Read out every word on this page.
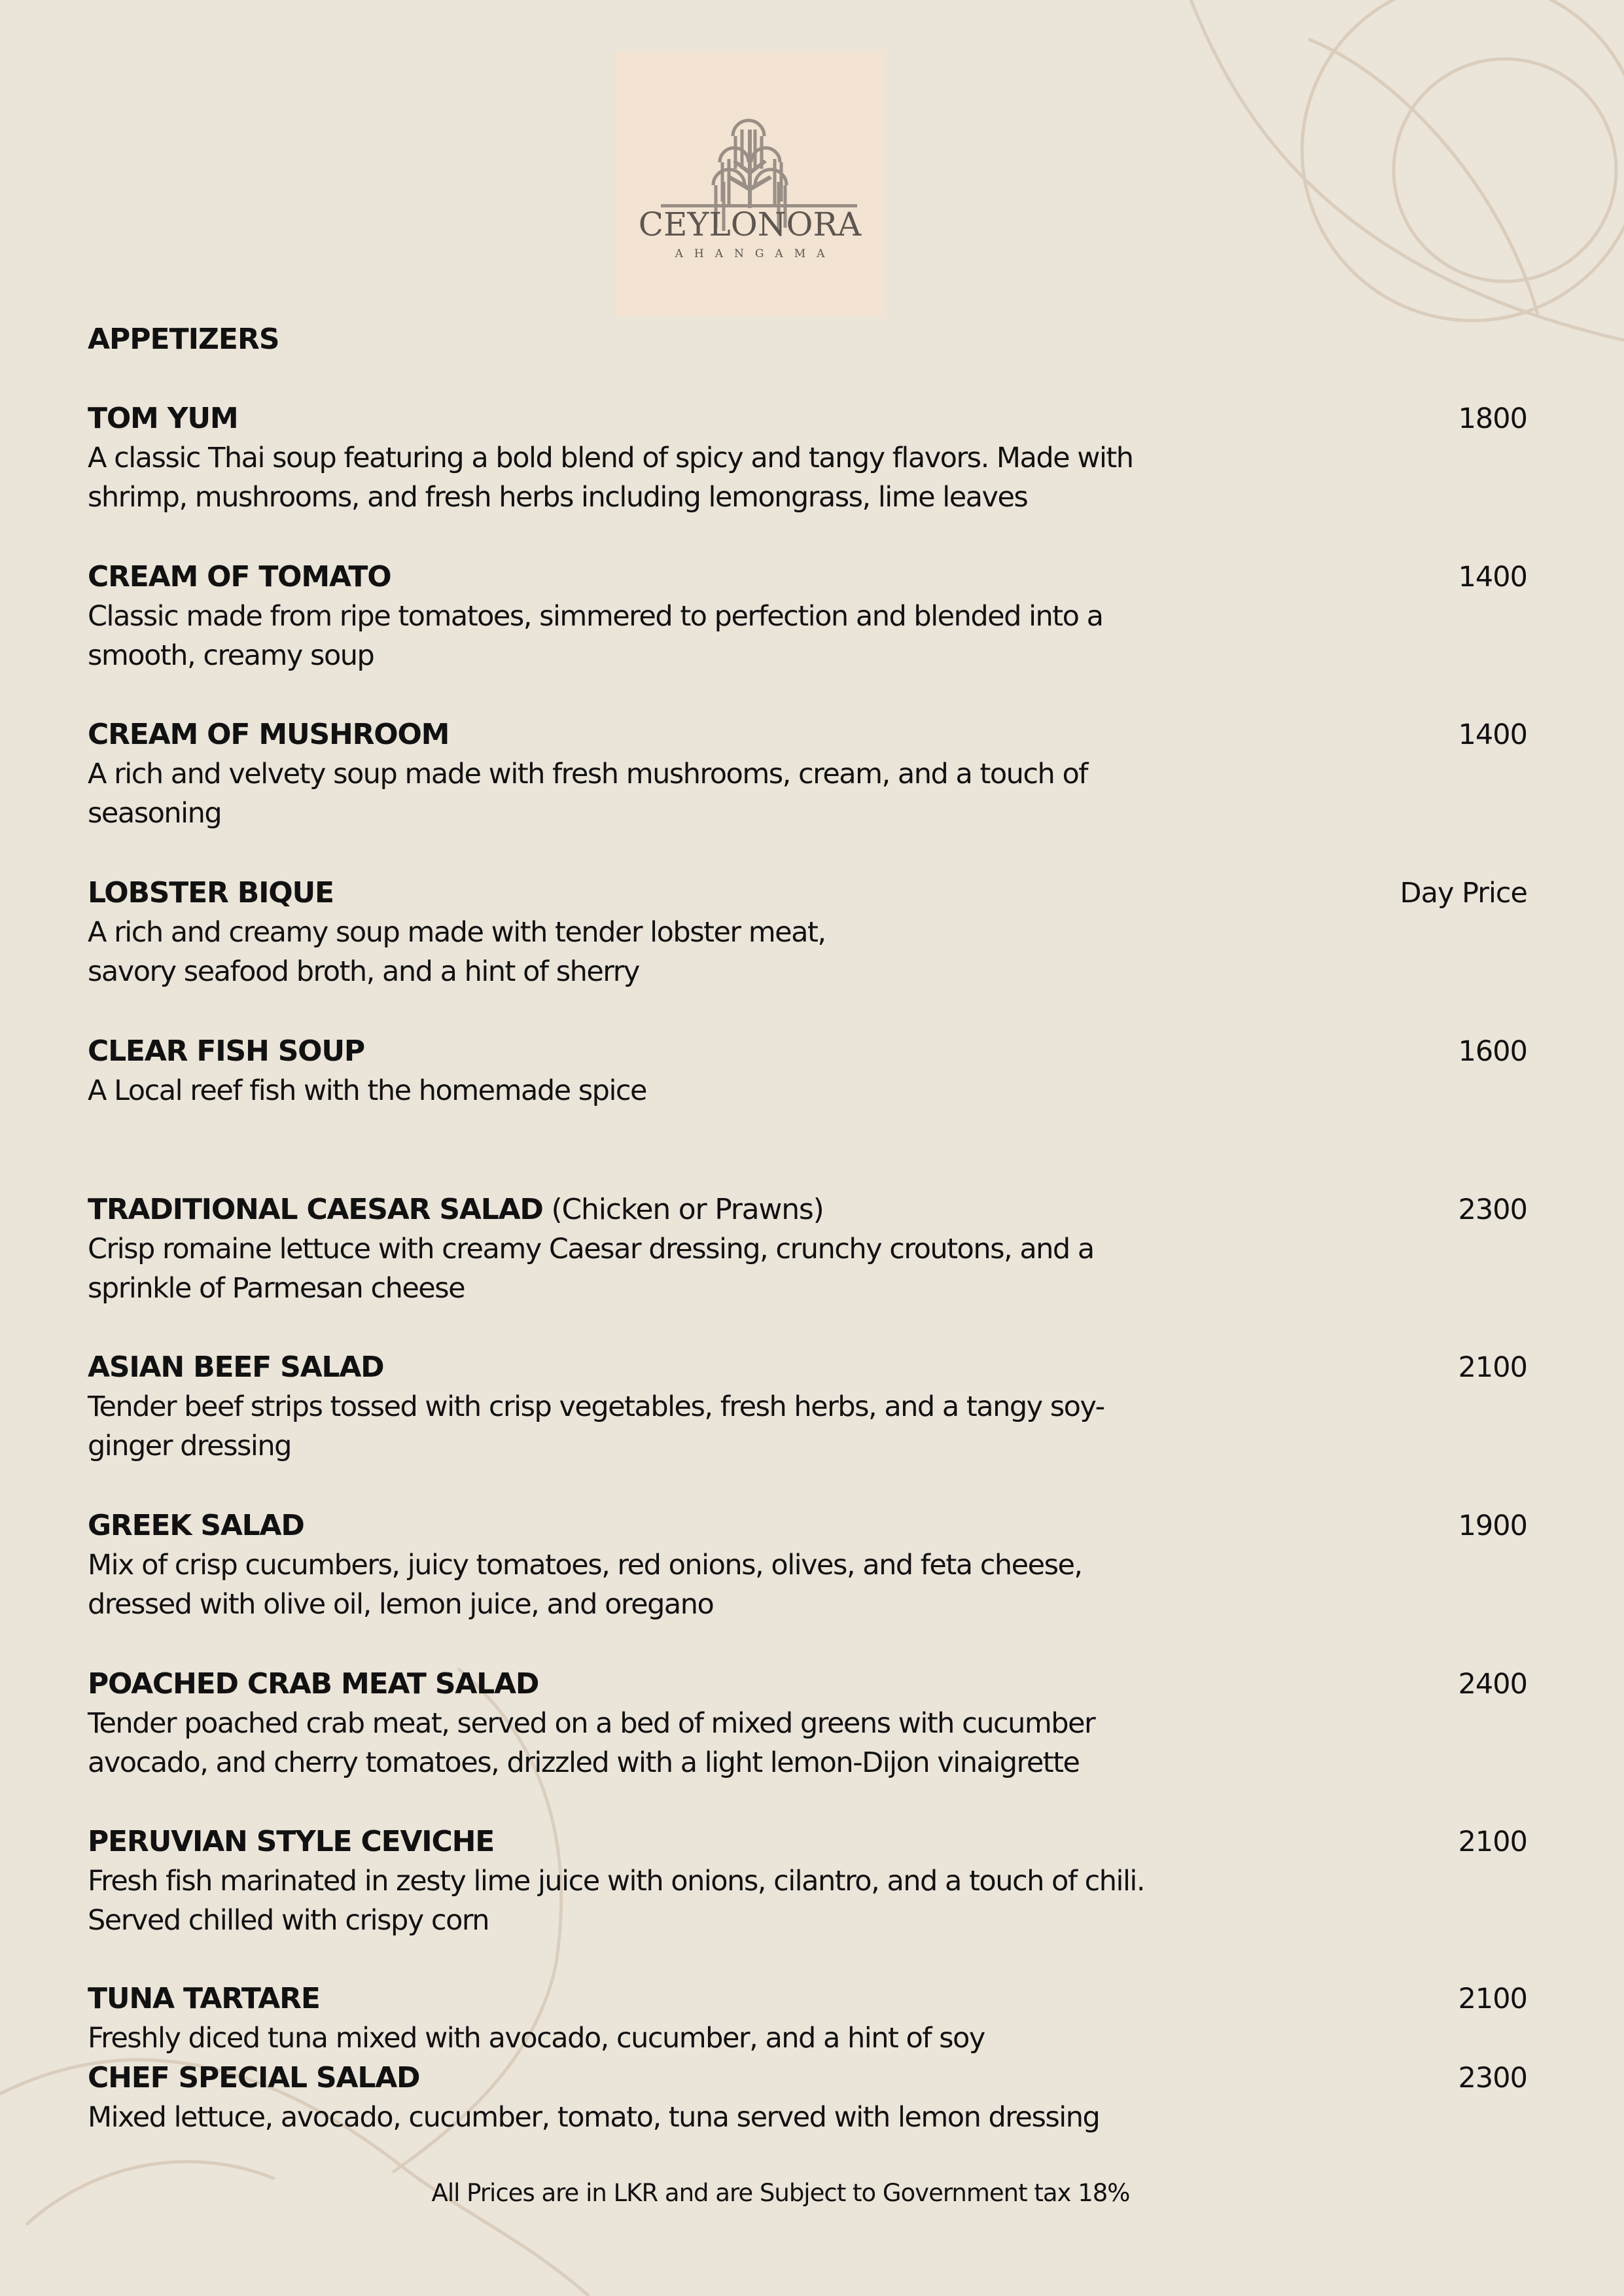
CEYLONORA
AHANGAMA
APPETIZERS
TOM YUM
A classic Thai soup featuring a bold blend of spicy and tangy flavors. Made with
shrimp, mushrooms, and fresh herbs including lemongrass, lime leaves
1800
CREAM OF TOMATO
Classic made from ripe tomatoes, simmered to perfection and blended into a
smooth, creamy soup
1400
CREAM OF MUSHROOM
A rich and velvety soup made with fresh mushrooms, cream, and a touch of
seasoning
1400
LOBSTER BIQUE
A rich and creamy soup made with tender lobster meat,
savory seafood broth, and a hint of sherry
Day Price
CLEAR FISH SOUP
A Local reef fish with the homemade spice
1600
TRADITIONAL CAESAR SALAD (Chicken or Prawns)
Crisp romaine lettuce with creamy Caesar dressing, crunchy croutons, and a
sprinkle of Parmesan cheese
2300
ASIAN BEEF SALAD
Tender beef strips tossed with crisp vegetables, fresh herbs, and a tangy soy-
ginger dressing
2100
GREEK SALAD
Mix of crisp cucumbers, juicy tomatoes, red onions, olives, and feta cheese,
dressed with olive oil, lemon juice, and oregano
1900
POACHED CRAB MEAT SALAD
Tender poached crab meat, served on a bed of mixed greens with cucumber
avocado, and cherry tomatoes, drizzled with a light lemon-Dijon vinaigrette
2400
PERUVIAN STYLE CEVICHE
Fresh fish marinated in zesty lime juice with onions, cilantro, and a touch of chili.
Served chilled with crispy corn
2100
TUNA TARTARE
Freshly diced tuna mixed with avocado, cucumber, and a hint of soy
2100
CHEF SPECIAL SALAD
Mixed lettuce, avocado, cucumber, tomato, tuna served with lemon dressing
2300
All Prices are in LKR and are Subject to Government tax 18%
